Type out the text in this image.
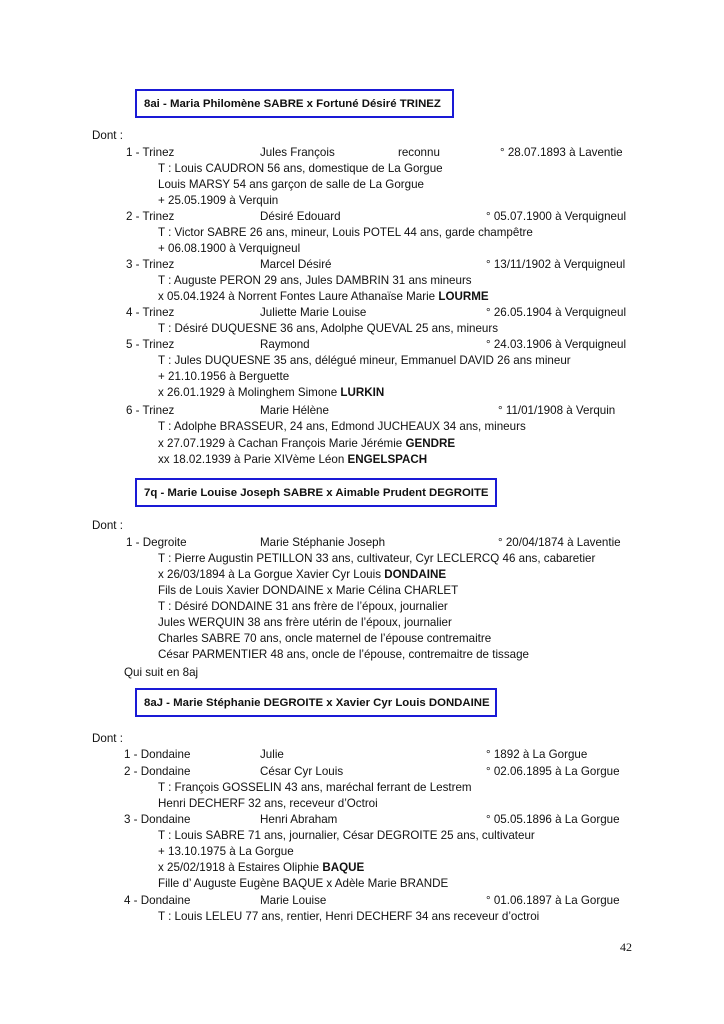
8ai - Maria Philomène SABRE x Fortuné Désiré TRINEZ
Dont :
1 - Trinez	Jules François	reconnu	° 28.07.1893 à Laventie
T : Louis CAUDRON 56 ans, domestique de La Gorgue
Louis MARSY 54 ans garçon de salle de La Gorgue
+ 25.05.1909 à Verquin
2 - Trinez	Désiré Edouard	° 05.07.1900 à Verquigneul
T : Victor SABRE 26 ans, mineur, Louis POTEL 44 ans, garde champêtre
+ 06.08.1900 à Verquigneul
3 - Trinez	Marcel Désiré	° 13/11/1902 à Verquigneul
T : Auguste PERON 29 ans, Jules DAMBRIN 31 ans mineurs
x 05.04.1924 à Norrent Fontes Laure Athanaïse Marie LOURME
4 - Trinez	Juliette Marie Louise	° 26.05.1904 à Verquigneul
T : Désiré DUQUESNE 36 ans, Adolphe QUEVAL 25 ans, mineurs
5 - Trinez	Raymond	° 24.03.1906 à Verquigneul
T : Jules DUQUESNE 35 ans, délégué mineur, Emmanuel DAVID 26 ans mineur
+ 21.10.1956 à Berguette
x 26.01.1929 à Molinghem Simone LURKIN
6 - Trinez	Marie Hélène	° 11/01/1908 à Verquin
T : Adolphe BRASSEUR, 24 ans, Edmond JUCHEAUX 34 ans, mineurs
x 27.07.1929 à Cachan François Marie Jérémie GENDRE
xx 18.02.1939 à Parie XIVème Léon ENGELSPACH
7q - Marie Louise Joseph SABRE x Aimable Prudent DEGROITE
Dont :
1 - Degroite	Marie Stéphanie Joseph	° 20/04/1874 à Laventie
T : Pierre Augustin PETILLON 33 ans, cultivateur, Cyr LECLERCQ 46 ans, cabaretier
x 26/03/1894 à La Gorgue Xavier Cyr Louis DONDAINE
Fils de Louis Xavier DONDAINE x Marie Célina CHARLET
T : Désiré DONDAINE 31 ans frère de l’époux, journalier
Jules WERQUIN 38 ans frère utérin de l’époux, journalier
Charles SABRE 70 ans, oncle maternel de l’épouse contremaitre
César PARMENTIER 48 ans, oncle de l’épouse, contremaitre de tissage
Qui suit en 8aj
8aJ - Marie Stéphanie DEGROITE x Xavier Cyr Louis DONDAINE
Dont :
1 - Dondaine	Julie	° 1892 à La Gorgue
2 - Dondaine	César Cyr Louis	° 02.06.1895 à La Gorgue
T : François GOSSELIN 43 ans, maréchal ferrant de Lestrem
Henri DECHERF 32 ans, receveur d’Octroi
3 - Dondaine	Henri Abraham	° 05.05.1896 à La Gorgue
T : Louis SABRE 71 ans, journalier, César DEGROITE 25 ans, cultivateur
+ 13.10.1975 à La Gorgue
x 25/02/1918 à Estaires Oliphie BAQUE
Fille d’ Auguste Eugène BAQUE x Adèle Marie BRANDE
4 - Dondaine	Marie Louise	° 01.06.1897 à La Gorgue
T : Louis LELEU 77 ans, rentier, Henri DECHERF 34 ans receveur d’octroi
42
